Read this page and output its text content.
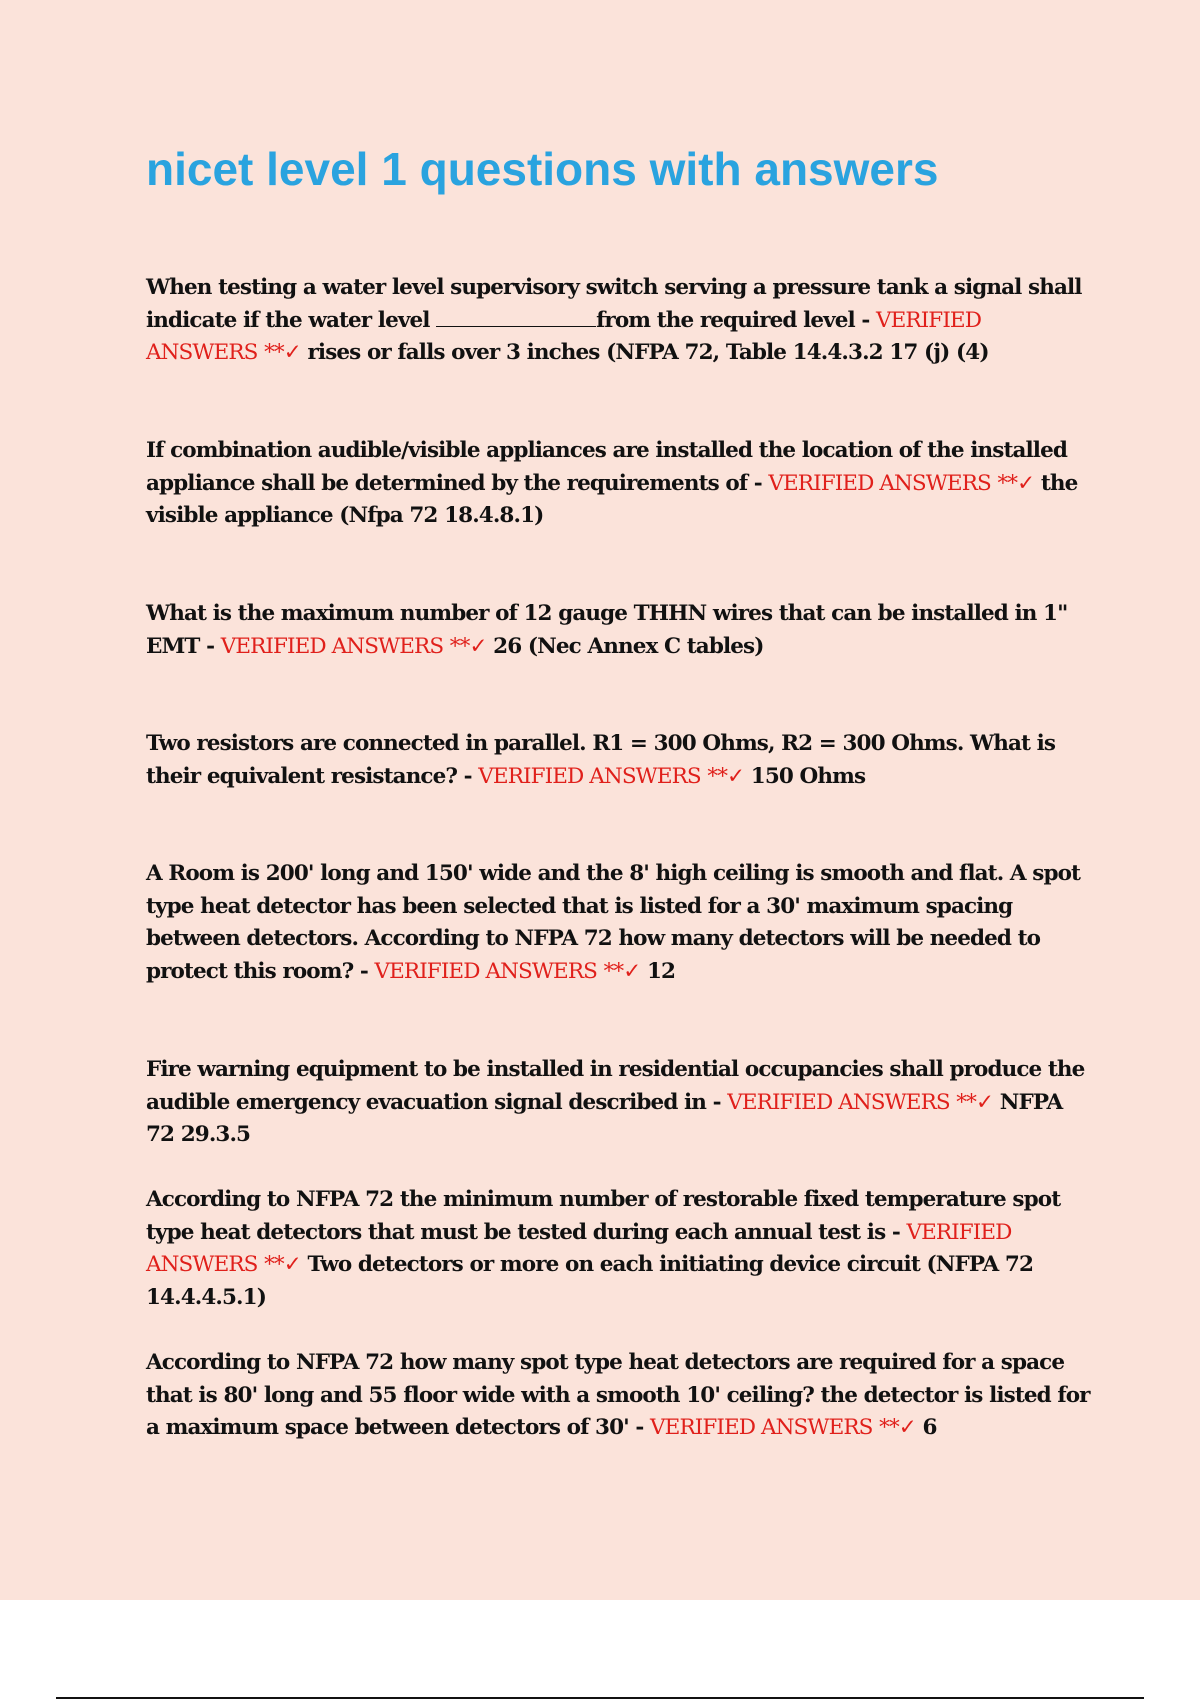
nicet level 1 questions with answers

When testing a water level supervisory switch serving a pressure tank a signal shall indicate if the water level	from the required level - VERIFIED ANSWERS **✓ rises or falls over 3 inches (NFPA 72, Table 14.4.3.2 17 (j) (4)

If combination audible/visible appliances are installed the location of the installed appliance shall be determined by the requirements of - VERIFIED ANSWERS **✓ the visible appliance (Nfpa 72 18.4.8.1)

What is the maximum number of 12 gauge THHN wires that can be installed in 1" EMT - VERIFIED ANSWERS **✓ 26 (Nec Annex C tables)

Two resistors are connected in parallel. R1 = 300 Ohms, R2 = 300 Ohms. What is their equivalent resistance? - VERIFIED ANSWERS **✓ 150 Ohms

A Room is 200' long and 150' wide and the 8' high ceiling is smooth and flat. A spot type heat detector has been selected that is listed for a 30' maximum spacing between detectors. According to NFPA 72 how many detectors will be needed to protect this room? - VERIFIED ANSWERS **✓ 12

Fire warning equipment to be installed in residential occupancies shall produce the audible emergency evacuation signal described in - VERIFIED ANSWERS **✓ NFPA 72 29.3.5

According to NFPA 72 the minimum number of restorable fixed temperature spot type heat detectors that must be tested during each annual test is - VERIFIED ANSWERS **✓ Two detectors or more on each initiating device circuit (NFPA 72 14.4.4.5.1)

According to NFPA 72 how many spot type heat detectors are required for a space that is 80' long and 55 floor wide with a smooth 10' ceiling? the detector is listed for a maximum space between detectors of 30' - VERIFIED ANSWERS **✓ 6
